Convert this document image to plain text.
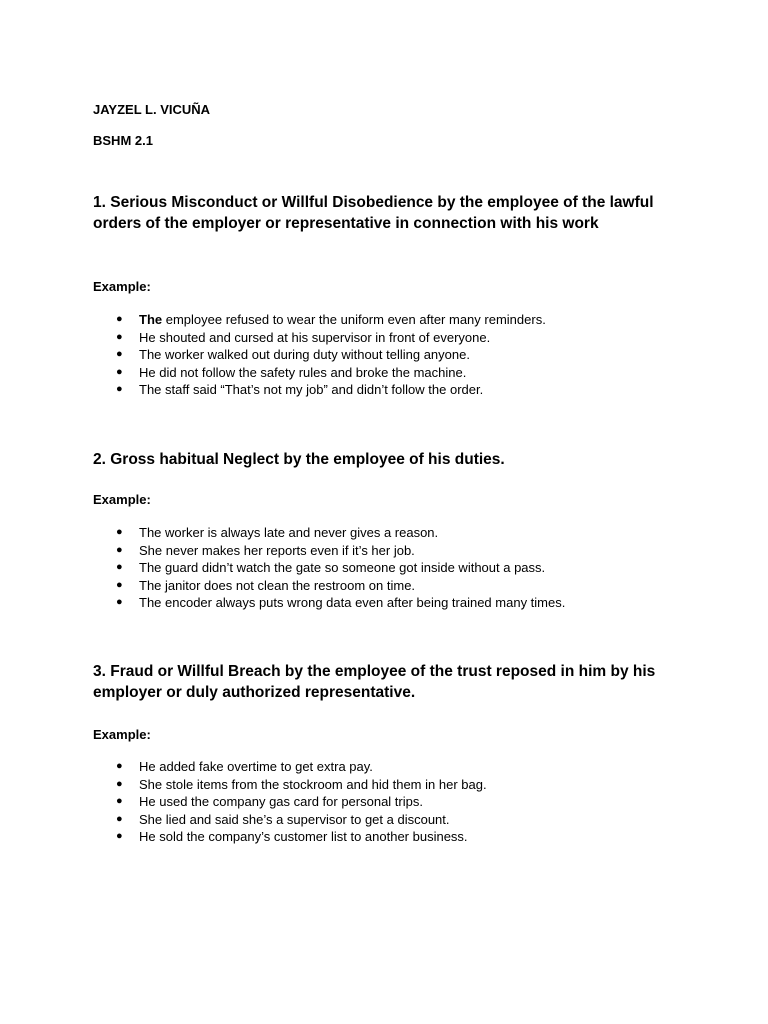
JAYZEL L. VICUÑA
BSHM 2.1
1. Serious Misconduct or Willful Disobedience by the employee of the lawful orders of the employer or representative in connection with his work
Example:
● The employee refused to wear the uniform even after many reminders.
● He shouted and cursed at his supervisor in front of everyone.
● The worker walked out during duty without telling anyone.
● He did not follow the safety rules and broke the machine.
● The staff said “That’s not my job” and didn’t follow the order.
2. Gross habitual Neglect by the employee of his duties.
Example:
● The worker is always late and never gives a reason.
● She never makes her reports even if it’s her job.
● The guard didn’t watch the gate so someone got inside without a pass.
● The janitor does not clean the restroom on time.
● The encoder always puts wrong data even after being trained many times.
3. Fraud or Willful Breach by the employee of the trust reposed in him by his employer or duly authorized representative.
Example:
● He added fake overtime to get extra pay.
● She stole items from the stockroom and hid them in her bag.
● He used the company gas card for personal trips.
● She lied and said she’s a supervisor to get a discount.
● He sold the company’s customer list to another business.
